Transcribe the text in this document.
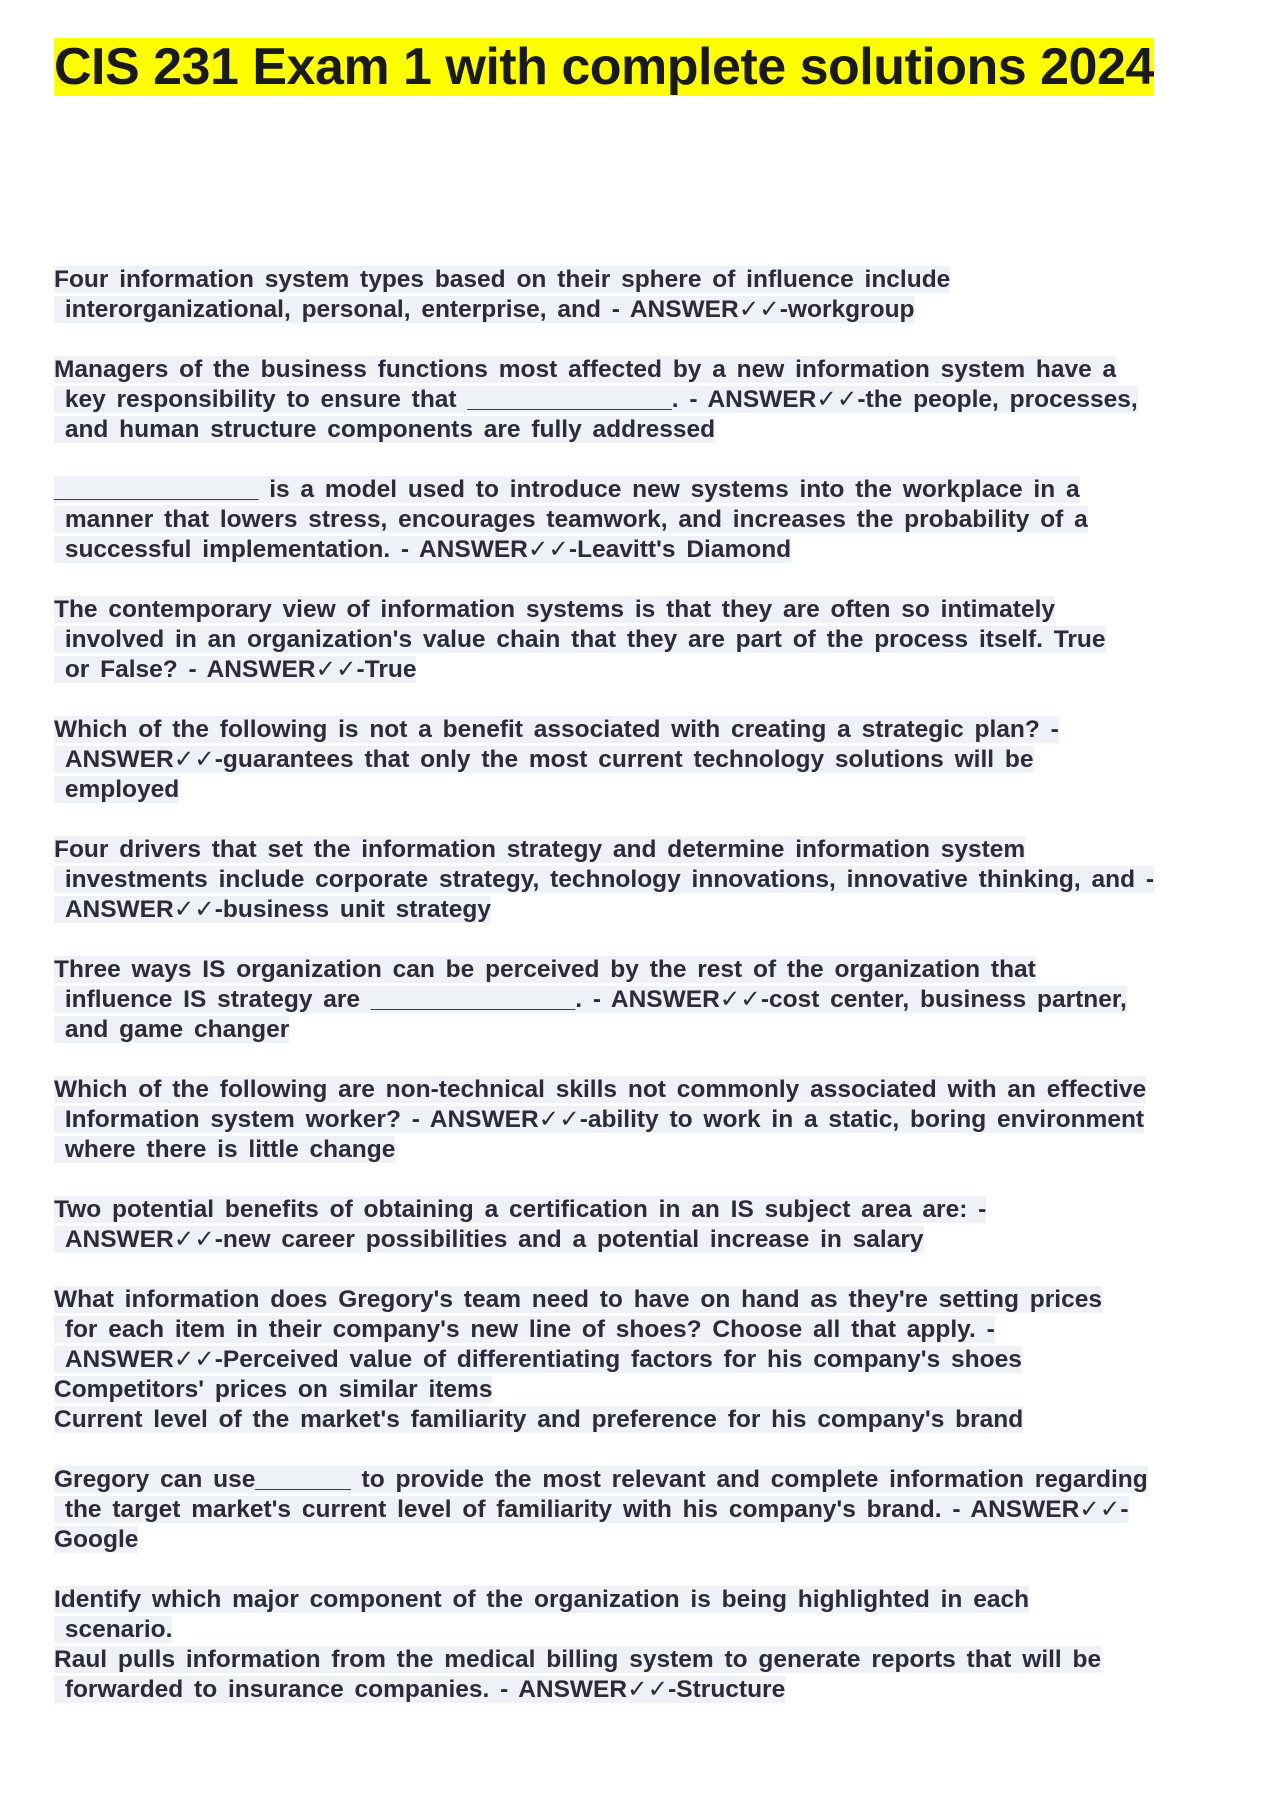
CIS 231 Exam 1 with complete solutions 2024

Four information system types based on their sphere of influence include
interorganizational, personal, enterprise, and - ANSWER✓✓-workgroup

Managers of the business functions most affected by a new information system have a
key responsibility to ensure that _______________. - ANSWER✓✓-the people, processes,
and human structure components are fully addressed

_______________ is a model used to introduce new systems into the workplace in a
manner that lowers stress, encourages teamwork, and increases the probability of a
successful implementation. - ANSWER✓✓-Leavitt's Diamond

The contemporary view of information systems is that they are often so intimately
involved in an organization's value chain that they are part of the process itself. True
or False? - ANSWER✓✓-True

Which of the following is not a benefit associated with creating a strategic plan? -
ANSWER✓✓-guarantees that only the most current technology solutions will be
employed

Four drivers that set the information strategy and determine information system
investments include corporate strategy, technology innovations, innovative thinking, and -
ANSWER✓✓-business unit strategy

Three ways IS organization can be perceived by the rest of the organization that
influence IS strategy are _______________. - ANSWER✓✓-cost center, business partner,
and game changer

Which of the following are non-technical skills not commonly associated with an effective
Information system worker? - ANSWER✓✓-ability to work in a static, boring environment
where there is little change

Two potential benefits of obtaining a certification in an IS subject area are: -
ANSWER✓✓-new career possibilities and a potential increase in salary

What information does Gregory's team need to have on hand as they're setting prices
for each item in their company's new line of shoes? Choose all that apply. -
ANSWER✓✓-Perceived value of differentiating factors for his company's shoes
Competitors' prices on similar items
Current level of the market's familiarity and preference for his company's brand

Gregory can use_______ to provide the most relevant and complete information regarding
the target market's current level of familiarity with his company's brand. - ANSWER✓✓-
Google

Identify which major component of the organization is being highlighted in each
scenario.
Raul pulls information from the medical billing system to generate reports that will be
forwarded to insurance companies. - ANSWER✓✓-Structure
